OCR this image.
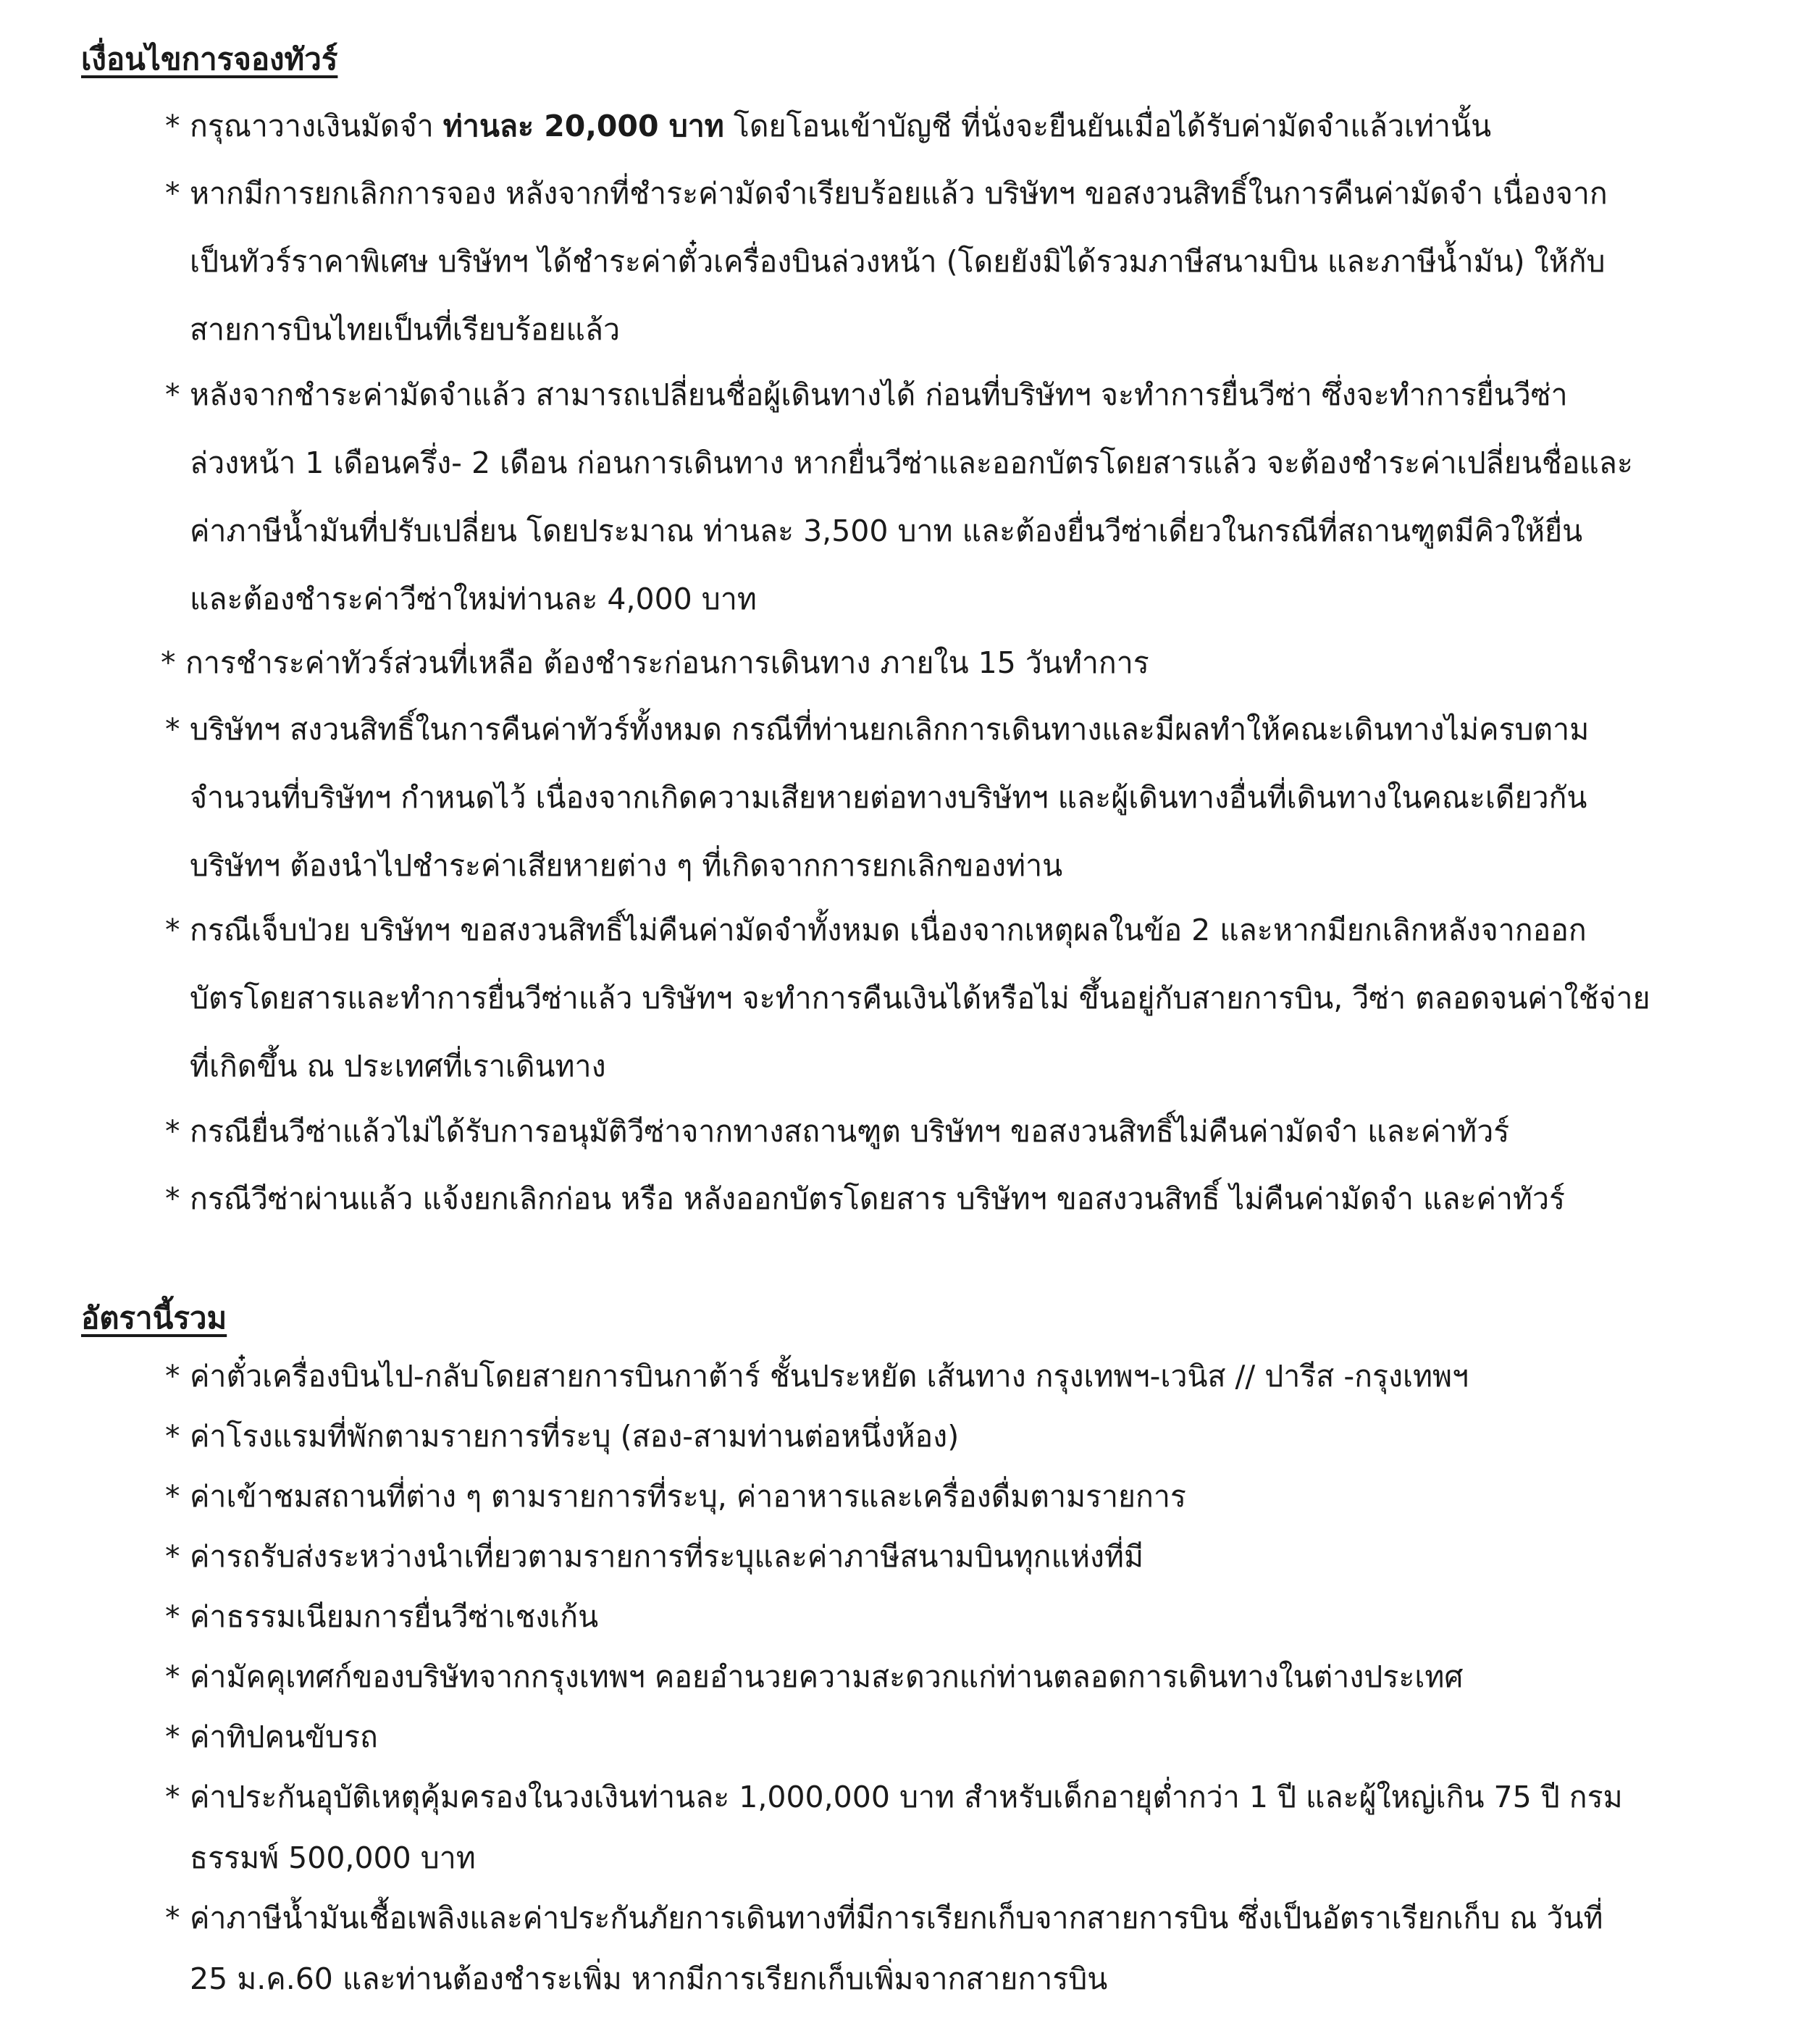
เงื่อนไขการจองทัวร์
* กรุณาวางเงินมัดจำ ท่านละ 20,000 บาท โดยโอนเข้าบัญชี ที่นั่งจะยืนยันเมื่อได้รับค่ามัดจำแล้วเท่านั้น
* หากมีการยกเลิกการจอง หลังจากที่ชำระค่ามัดจำเรียบร้อยแล้ว บริษัทฯ ขอสงวนสิทธิ์ในการคืนค่ามัดจำ เนื่องจาก
เป็นทัวร์ราคาพิเศษ บริษัทฯ ได้ชำระค่าตั๋วเครื่องบินล่วงหน้า (โดยยังมิได้รวมภาษีสนามบิน และภาษีน้ำมัน) ให้กับ
สายการบินไทยเป็นที่เรียบร้อยแล้ว
* หลังจากชำระค่ามัดจำแล้ว สามารถเปลี่ยนชื่อผู้เดินทางได้ ก่อนที่บริษัทฯ จะทำการยื่นวีซ่า ซึ่งจะทำการยื่นวีซ่า
ล่วงหน้า 1 เดือนครึ่ง- 2 เดือน ก่อนการเดินทาง หากยื่นวีซ่าและออกบัตรโดยสารแล้ว จะต้องชำระค่าเปลี่ยนชื่อและ
ค่าภาษีน้ำมันที่ปรับเปลี่ยน โดยประมาณ ท่านละ 3,500 บาท และต้องยื่นวีซ่าเดี่ยวในกรณีที่สถานฑูตมีคิวให้ยื่น
และต้องชำระค่าวีซ่าใหม่ท่านละ 4,000 บาท
* การชำระค่าทัวร์ส่วนที่เหลือ ต้องชำระก่อนการเดินทาง ภายใน 15 วันทำการ
* บริษัทฯ สงวนสิทธิ์ในการคืนค่าทัวร์ทั้งหมด กรณีที่ท่านยกเลิกการเดินทางและมีผลทำให้คณะเดินทางไม่ครบตาม
จำนวนที่บริษัทฯ กำหนดไว้ เนื่องจากเกิดความเสียหายต่อทางบริษัทฯ และผู้เดินทางอื่นที่เดินทางในคณะเดียวกัน
บริษัทฯ ต้องนำไปชำระค่าเสียหายต่าง ๆ ที่เกิดจากการยกเลิกของท่าน
* กรณีเจ็บป่วย บริษัทฯ ขอสงวนสิทธิ์ไม่คืนค่ามัดจำทั้งหมด เนื่องจากเหตุผลในข้อ 2 และหากมียกเลิกหลังจากออก
บัตรโดยสารและทำการยื่นวีซ่าแล้ว บริษัทฯ จะทำการคืนเงินได้หรือไม่ ขึ้นอยู่กับสายการบิน, วีซ่า ตลอดจนค่าใช้จ่าย
ที่เกิดขึ้น ณ ประเทศที่เราเดินทาง
* กรณียื่นวีซ่าแล้วไม่ได้รับการอนุมัติวีซ่าจากทางสถานฑูต บริษัทฯ ขอสงวนสิทธิ์ไม่คืนค่ามัดจำ และค่าทัวร์
* กรณีวีซ่าผ่านแล้ว แจ้งยกเลิกก่อน หรือ หลังออกบัตรโดยสาร บริษัทฯ ขอสงวนสิทธิ์ ไม่คืนค่ามัดจำ และค่าทัวร์
อัตรานี้รวม
* ค่าตั๋วเครื่องบินไป-กลับโดยสายการบินกาต้าร์ ชั้นประหยัด เส้นทาง กรุงเทพฯ-เวนิส // ปารีส -กรุงเทพฯ
* ค่าโรงแรมที่พักตามรายการที่ระบุ (สอง-สามท่านต่อหนึ่งห้อง)
* ค่าเข้าชมสถานที่ต่าง ๆ ตามรายการที่ระบุ, ค่าอาหารและเครื่องดื่มตามรายการ
* ค่ารถรับส่งระหว่างนำเที่ยวตามรายการที่ระบุและค่าภาษีสนามบินทุกแห่งที่มี
* ค่าธรรมเนียมการยื่นวีซ่าเชงเก้น
* ค่ามัคคุเทศก์ของบริษัทจากกรุงเทพฯ คอยอำนวยความสะดวกแก่ท่านตลอดการเดินทางในต่างประเทศ
* ค่าทิปคนขับรถ
* ค่าประกันอุบัติเหตุคุ้มครองในวงเงินท่านละ 1,000,000 บาท สำหรับเด็กอายุต่ำกว่า 1 ปี และผู้ใหญ่เกิน 75 ปี กรม
ธรรมพ์ 500,000 บาท
* ค่าภาษีน้ำมันเชื้อเพลิงและค่าประกันภัยการเดินทางที่มีการเรียกเก็บจากสายการบิน ซึ่งเป็นอัตราเรียกเก็บ ณ วันที่
25 ม.ค.60 และท่านต้องชำระเพิ่ม หากมีการเรียกเก็บเพิ่มจากสายการบิน
